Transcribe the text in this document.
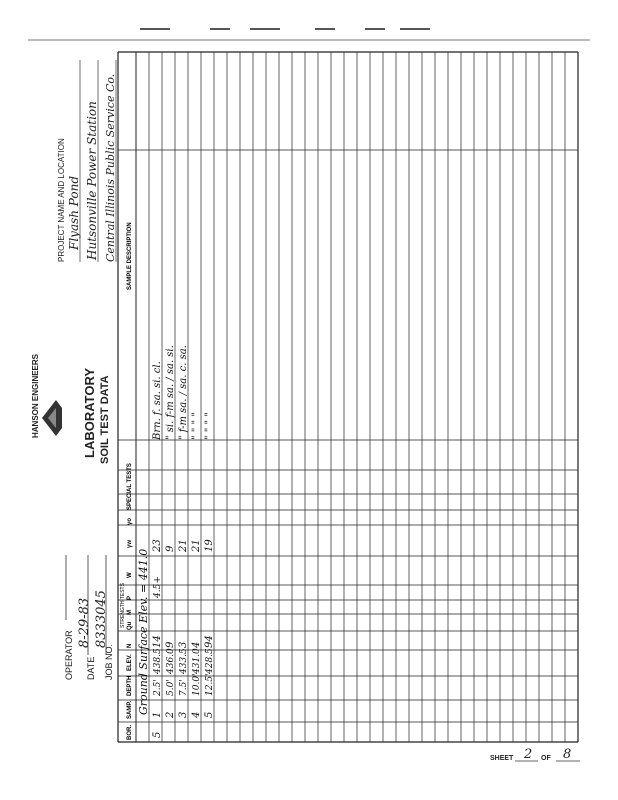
OPERATOR DATE
8-29-83
JOB NO.
8333045
HANSON ENGINEERS	LABORATORY SOIL TEST DATA
PROJECT NAME AND LOCATION Flyash Pond Hutsonville Power Station Central Illinois Public Service Co.
SHEET 2 OF 8
BOR.
SAMP.
DEPTH
ELEV.
N
Qu
M
P
W
γw
γo
SPECIAL TESTS
STRENGTH TESTS
SAMPLE DESCRIPTION
Ground Surface Elev. = 441.0
5
1
2.5'
438.5
14
4.5+
23
Brn. f. sa. si. cl.
2
5.0'
436.0
9
9
" si. f-m sa. / sa. si.
3
7.5'
433.5
3
21
" f-m sa. / sa. c. sa.
4
10.0'
431.0
4
21
" " " "
5
12.5'
428.5
94
19
" " " "
